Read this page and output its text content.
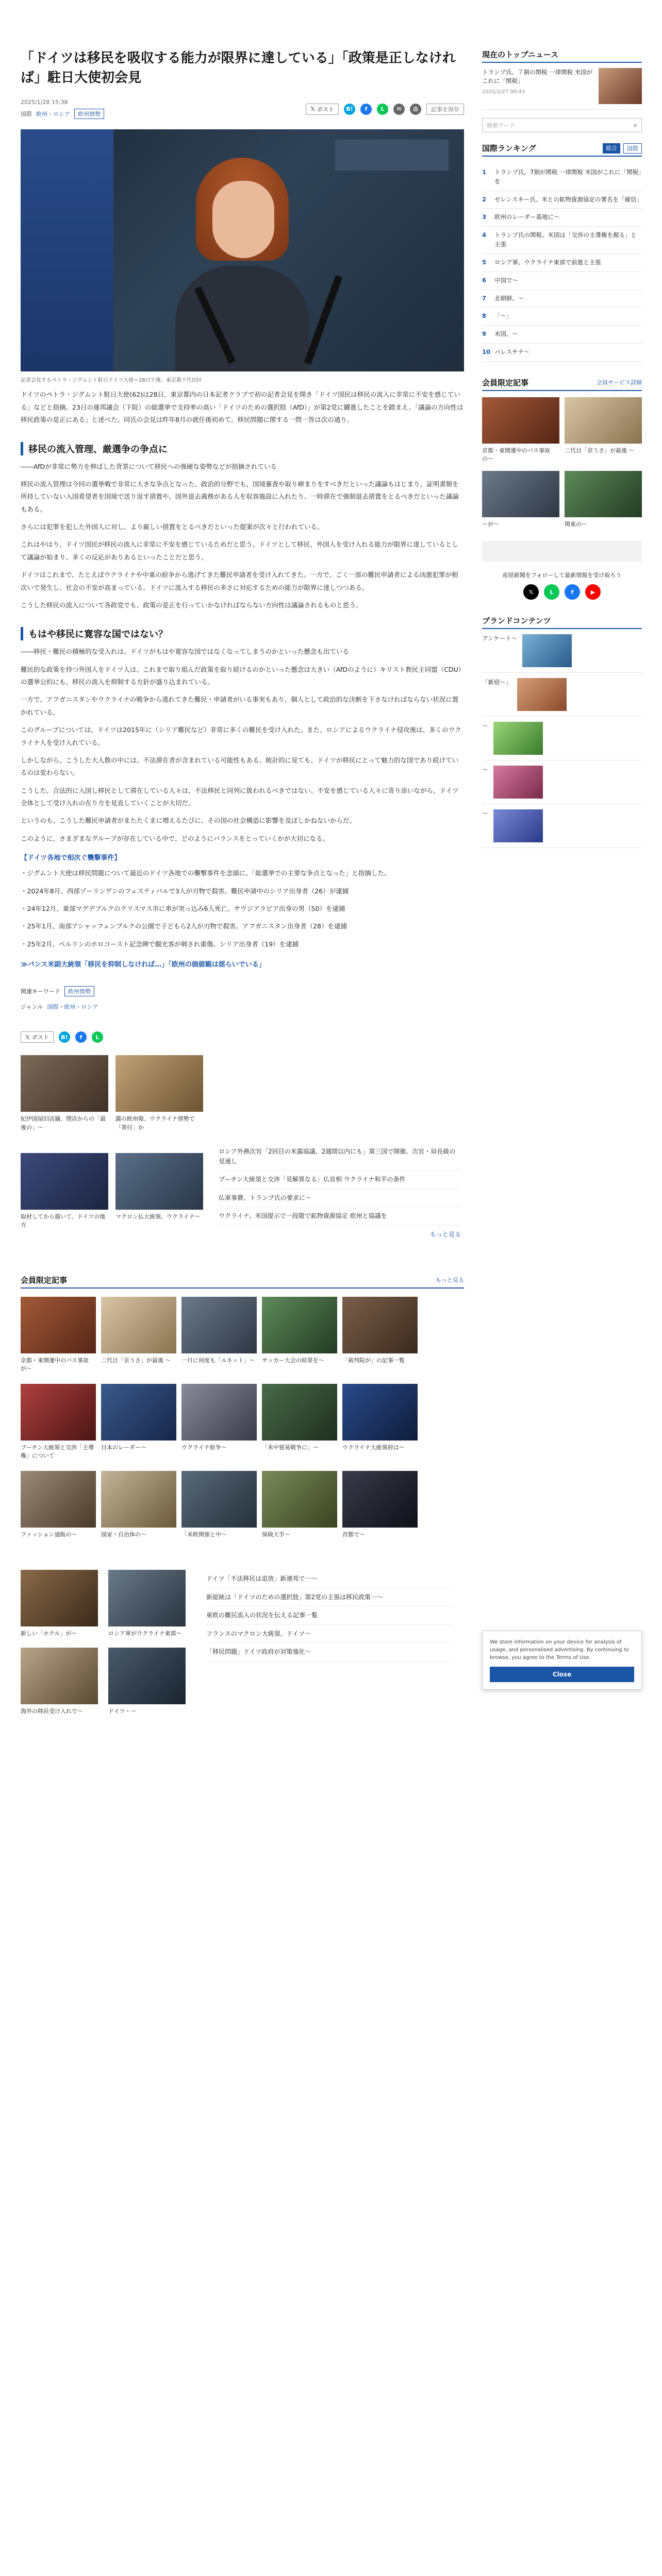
「ドイツは移民を吸収する能力が限界に達している」「政策是正しなければ」駐日大使初会見
2025/1/28 15:38
国際 欧州・ロシア	欧州情勢
𝕏 ポスト	B!	f	L	✉	⎙	記事を保存
記者会見するペトラ・ジグムント駐日ドイツ大使＝28日午後、東京都千代田区

ドイツのペトラ・ジグムント駐日大使(62)は28日、東京都内の日本記者クラブで初の記者会見を開き「ドイツ国民は移民の流入に非常に不安を感じている」などと指摘。23日の連邦議会（下院）の総選挙で支持率の高い「ドイツのための選択肢（AfD）」が第2党に躍進したことを踏まえ、「議論の方向性は移民政策の是正にある」と述べた。同氏の会見は昨年8月の就任後初めて。移民問題に関する一問一答は次の通り。

移民の流入管理、厳選争の争点に

――AfDが非常に勢力を伸ばした背景について移民への強硬な姿勢などが指摘されている

移民の流入管理は今回の選挙戦で非常に大きな争点となった。政治的分野でも、国境審査や取り締まりをすべきだといった議論もはじまり、証明書類を所持していない入国希望者を国境で送り返す措置や、国外退去義務がある人を収容施設に入れたり、一時滞在で強制退去措置をとるべきだといった議論もある。

さらには犯罪を犯した外国人に対し、より厳しい措置をとるべきだといった提案が次々と行われている。

これはやはり、ドイツ国民が移民の流入に非常に不安を感じているためだと思う。ドイツとして移民、外国人を受け入れる能力が限界に達しているとして議論が始まり、多くの反応がありあるといったことだと思う。

ドイツはこれまで、たとえばウクライナや中東の紛争から逃げてきた難民申請者を受け入れてきた。一方で、ごく一部の難民申請者による凶悪犯罪が相次いで発生し、社会の不安が高まっている。ドイツに流入する移民の多さに対応するための能力が限界に達しつつある。

こうした移民の流入について各政党でも、政策の是正を行っていかなければならない方向性は議論されるものと思う。

もはや移民に寛容な国ではない？

――移民・難民の積極的な受入れは、ドイツがもはや寛容な国ではなくなってしまうのかといった懸念も出ている

難民的な政策を持つ外国人をドイツ人は、これまで取り組んだ政策を取り続けるのかといった懸念は大きい（AfDのように）キリスト教民主同盟（CDU）の選挙公約にも、移民の流入を抑制する方針が盛り込まれている。

一方で、アフガニスタンやウクライナの戦争から逃れてきた難民・申請者がいる事実もあり、個人として政治的な決断を下さなければならない状況に置かれている。

このグループについては、ドイツは2015年に（シリア難民など）非常に多くの難民を受け入れた。また、ロシアによるウクライナ侵攻後は、多くのウクライナ人を受け入れている。

しかしながら、こうした大人数の中には、不法滞在者が含まれている可能性もある。統計的に見ても、ドイツが移民にとって魅力的な国であり続けているのは変わらない。

こうした、合法的に入国し移民として滞在している人々は、不法移民と同列に扱われるべきではない。不安を感じている人々に寄り添いながら、ドイツ全体として受け入れの在り方を見直していくことが大切だ。

というのも、こうした難民申請者がまたたくまに増えるたびに、その国の社会構造に影響を及ぼしかねないからだ。

このように、さまざまなグループが存在している中で、どのようにバランスをとっていくかが大切になる。

【ドイツ各地で相次ぐ襲撃事件】

・ジグムント大使は移民問題について最近のドイツ各地での襲撃事件を念頭に、「総選挙での主要な争点となった」と指摘した。

・2024年8月、西部ゾーリンゲンのフェスティバルで3人が刃物で殺害。難民申請中のシリア出身者（26）が逮捕

・24年12月、東部マグデブルクのクリスマス市に車が突っ込み6人死亡。サウジアラビア出身の男（50）を逮捕

・25年1月、南部アシャッフェンブルクの公園で子どもら2人が刃物で殺害。アフガニスタン出身者（28）を逮捕

・25年2月、ベルリンのホロコースト記念碑で観光客が刺され重傷。シリア出身者（19）を逮捕

≫バンス米副大統領「移民を抑制しなければ…」「欧州の価値観は揺らいでいる」
関連キーワード	欧州情勢
ジャンル 国際・欧州・ロシア
𝕏 ポスト	B!	f	L
紀伊国屋旧店舗、閉店からの「最後の」〜
露の欧州報、ウクライナ情勢で「寄付」か
取材してから描いて、ドイツの地方
マクロン仏大統領、ウクライナ〜
ロシア外務次官「2回目の米露協議、2週間以内にも」第三国で開催、次官・局長級の見通し
プーチン大統領と交渉「見解異なる」仏首相 ウクライナ和平の条件
仏軍事費、トランプ氏の要求に〜
ウクライナ、米国提示で一段階で鉱物資源協定 欧州と協議を
もっと見る
会員限定記事	もっと見る
京都・東開運中のバス事故が〜
二代目「京うさ」が最後 〜	一日に何度も「ルネット」〜	サッカー大会の結果を〜	「裁判院が」の記事一覧
プーチン大統領と交渉「主導権」について
日本のレーダー〜	ウクライナ紛争〜	「米中貿易戦争に」〜	ウクライナ大統領府は〜
ファッション通販の〜	国家・自治体の〜	「米欧関係と中〜	保険大手〜	首都で〜
新しい「ホテル」が〜	ロシア軍がウクライナ東部〜
海外の移民受け入れで〜	ドイツ・〜
ドイツ「不法移民は追放」新連邦で一〜
新総統は「ドイツのための選択肢」第2党の主張は移民政策一〜
東欧の難民流入の状況を伝える記事一覧
フランスのマクロン大統領、ドイツ〜
「移民問題」ドイツ政府が対策強化〜
現在のトップニュース
トランプ氏、７割の関税 一律関税 米国がこれに「関税」
2025/2/27 00:43
検索ワード	⌕
国際ランキング	総合	国際
1	トランプ氏、7割が関税 一律関税 米国がこれに「関税」を
2	ゼレンスキー氏、米との鉱物資源協定の署名を「確信」
3	欧州のレーダー基地に〜
4	トランプ氏の関税、米国は「交渉の主導権を握る」と主張
5	ロシア軍、ウクライナ東部で前進と主張
6	中国で〜
7	北朝鮮、〜
8	「〜」
9	米国、〜
10 パレスチナ〜
会員限定記事	会員サービス詳細
京都・東開運中のバス事故の〜
二代目「京うさ」が最後 〜
〜が〜	関東の〜
産経新聞をフォローして最新情報を受け取ろう
𝕏	L	f	▶
ブランドコンテンツ
アンケート〜
「新宿〜」
〜
〜
〜

We store information on your device for analysis of usage, and personalised advertising. By continuing to browse, you agree to the Terms of Use.

Close
